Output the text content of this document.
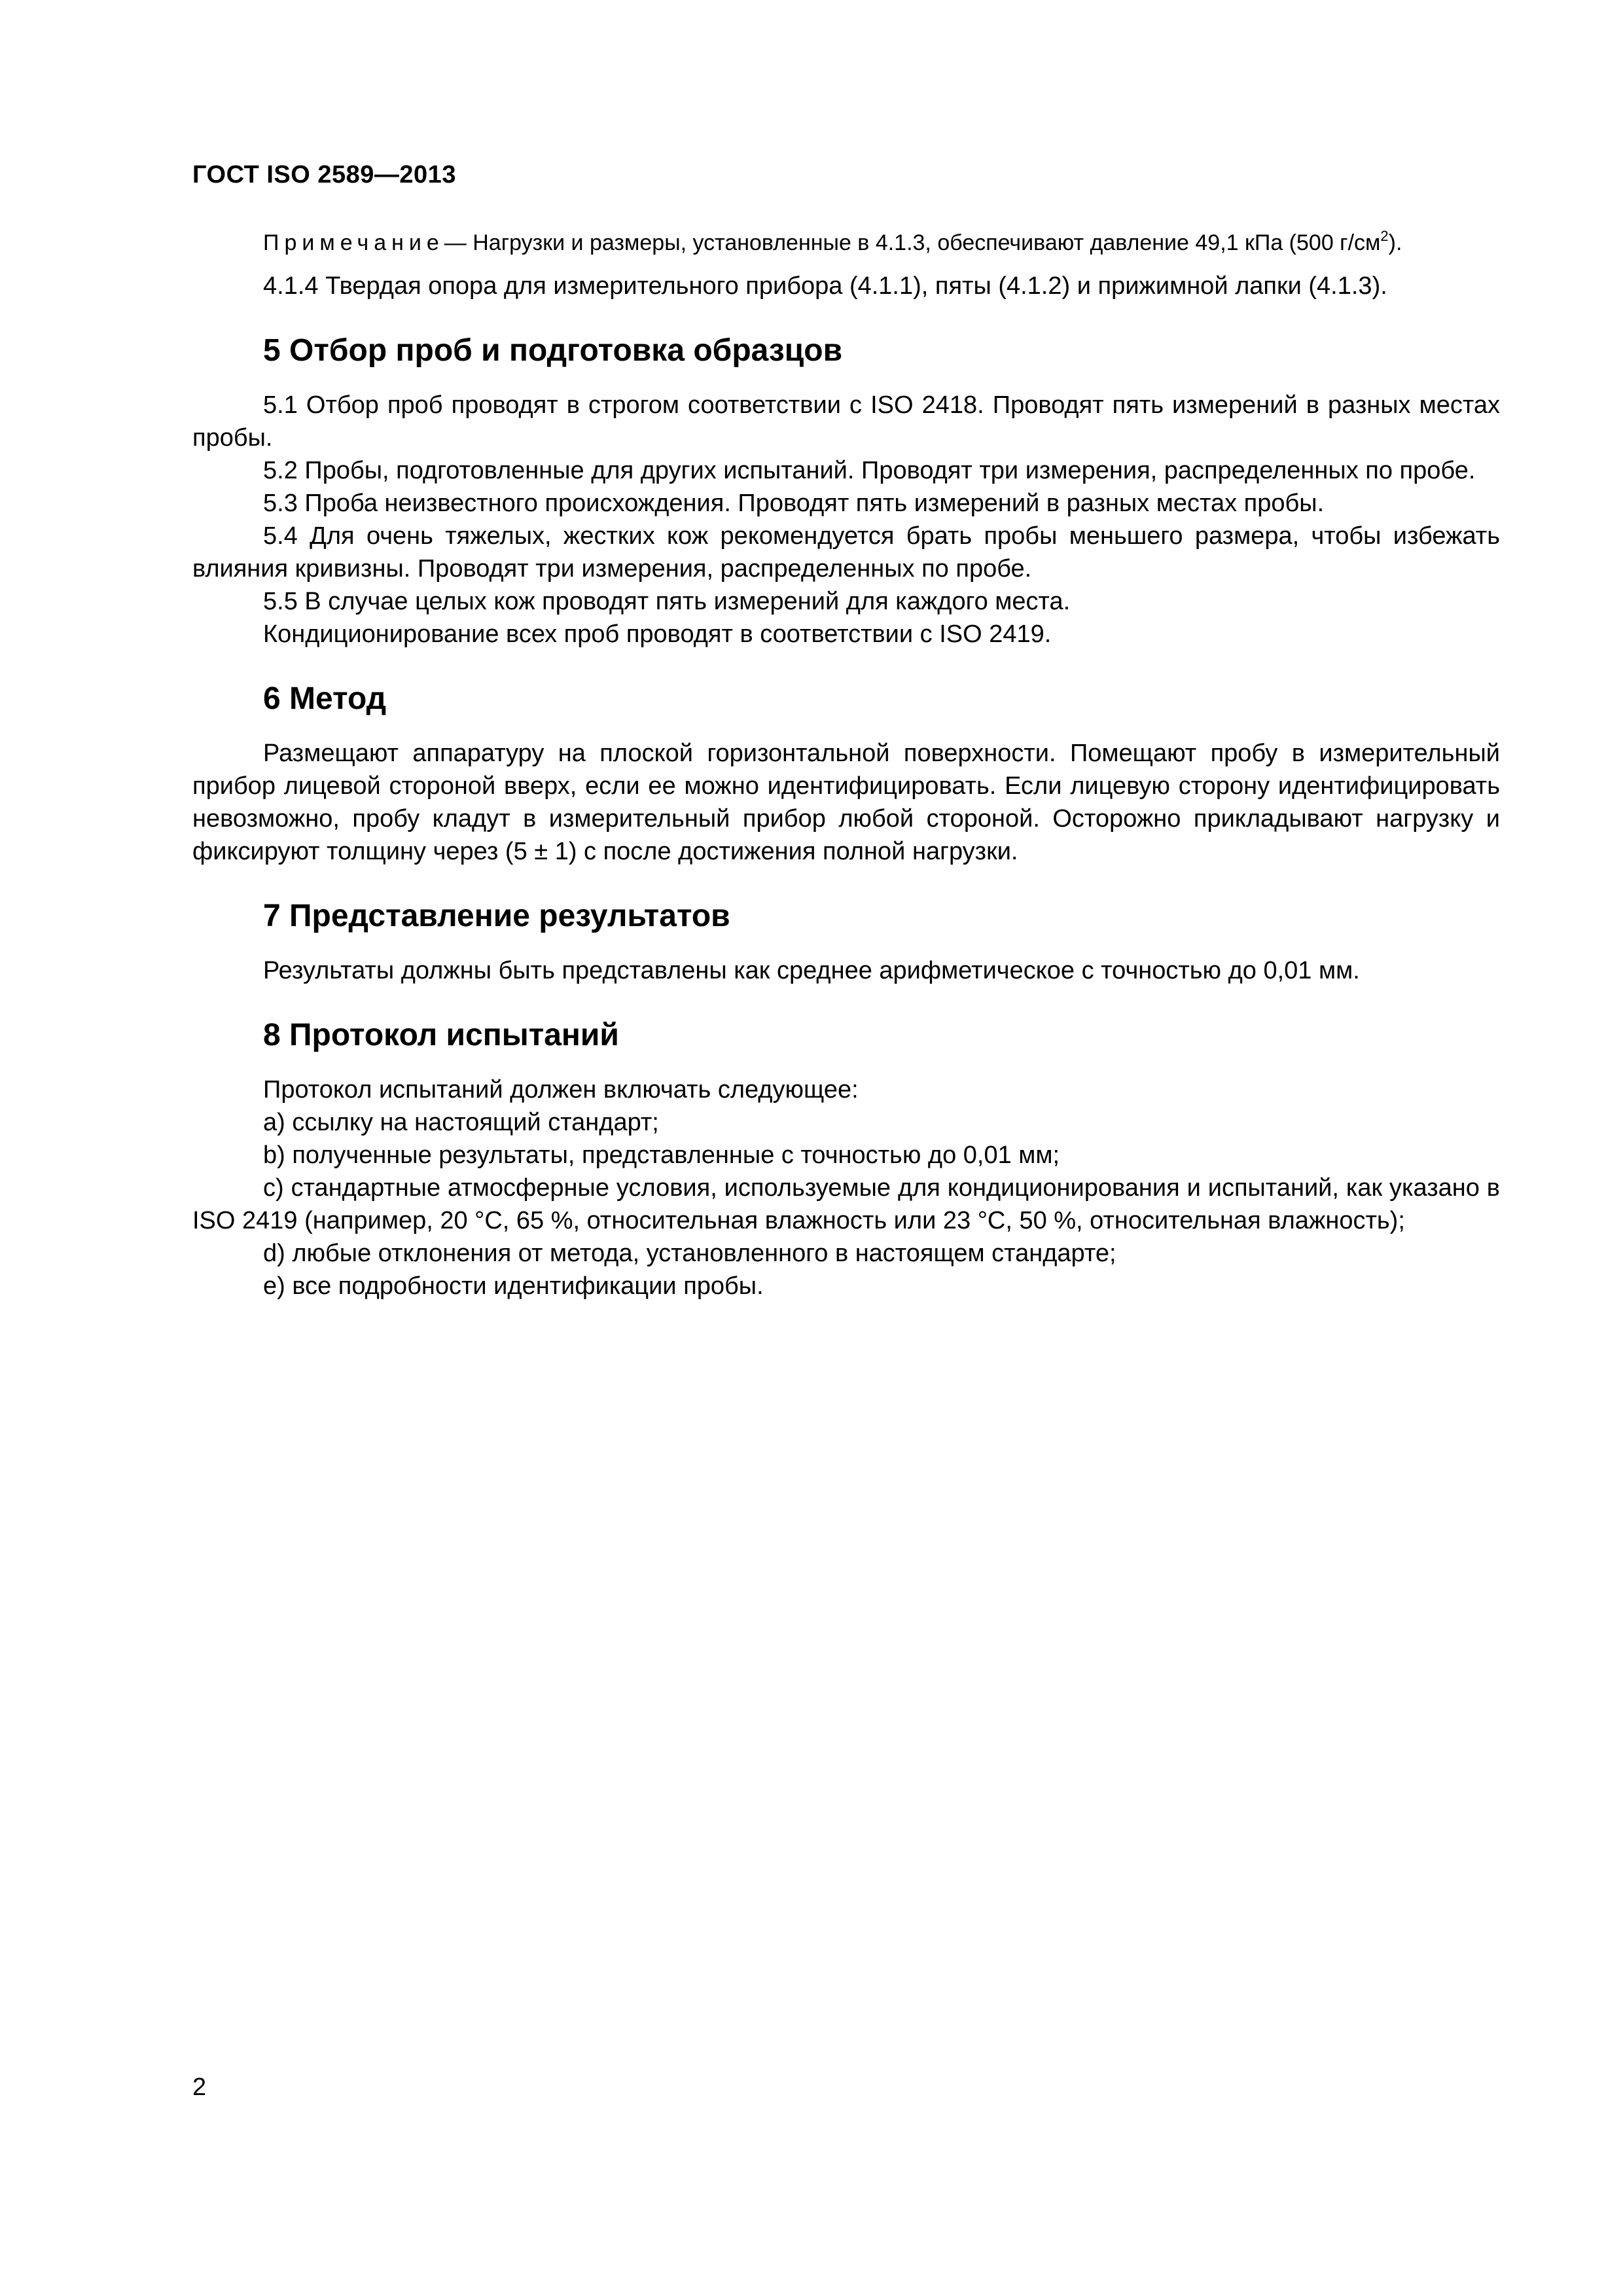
ГОСТ ISO 2589—2013

Примечание— Нагрузки и размеры, установленные в 4.1.3, обеспечивают давление 49,1 кПа (500 $г/см^2$).

4.1.4 Твердая опора для измерительного прибора (4.1.1), пяты (4.1.2) и прижимной лапки (4.1.3).

5 Отбор проб и подготовка образцов

5.1 Отбор проб проводят в строгом соответствии с ISO 2418. Проводят пять измерений в разных местах пробы.

5.2 Пробы, подготовленные для других испытаний. Проводят три измерения, распределенных по пробе.

5.3 Проба неизвестного происхождения. Проводят пять измерений в разных местах пробы.

5.4 Для очень тяжелых, жестких кож рекомендуется брать пробы меньшего размера, чтобы избежать влияния кривизны. Проводят три измерения, распределенных по пробе.

5.5 В случае целых кож проводят пять измерений для каждого места.

Кондиционирование всех проб проводят в соответствии с ISO 2419.

6 Метод

Размещают аппаратуру на плоской горизонтальной поверхности. Помещают пробу в измерительный прибор лицевой стороной вверх, если ее можно идентифицировать. Если лицевую сторону идентифицировать невозможно, пробу кладут в измерительный прибор любой стороной. Осторожно прикладывают нагрузку и фиксируют толщину через (5 ± 1) с после достижения полной нагрузки.

7 Представление результатов

Результаты должны быть представлены как среднее арифметическое с точностью до 0,01 мм.

8 Протокол испытаний

Протокол испытаний должен включать следующее:

a) ссылку на настоящий стандарт;

b) полученные результаты, представленные с точностью до 0,01 мм;

c) стандартные атмосферные условия, используемые для кондиционирования и испытаний, как указано в ISO 2419 (например, 20 °С, 65 %, относительная влажность или 23 °С, 50 %, относительная влажность);

d) любые отклонения от метода, установленного в настоящем стандарте;

e) все подробности идентификации пробы.

2
